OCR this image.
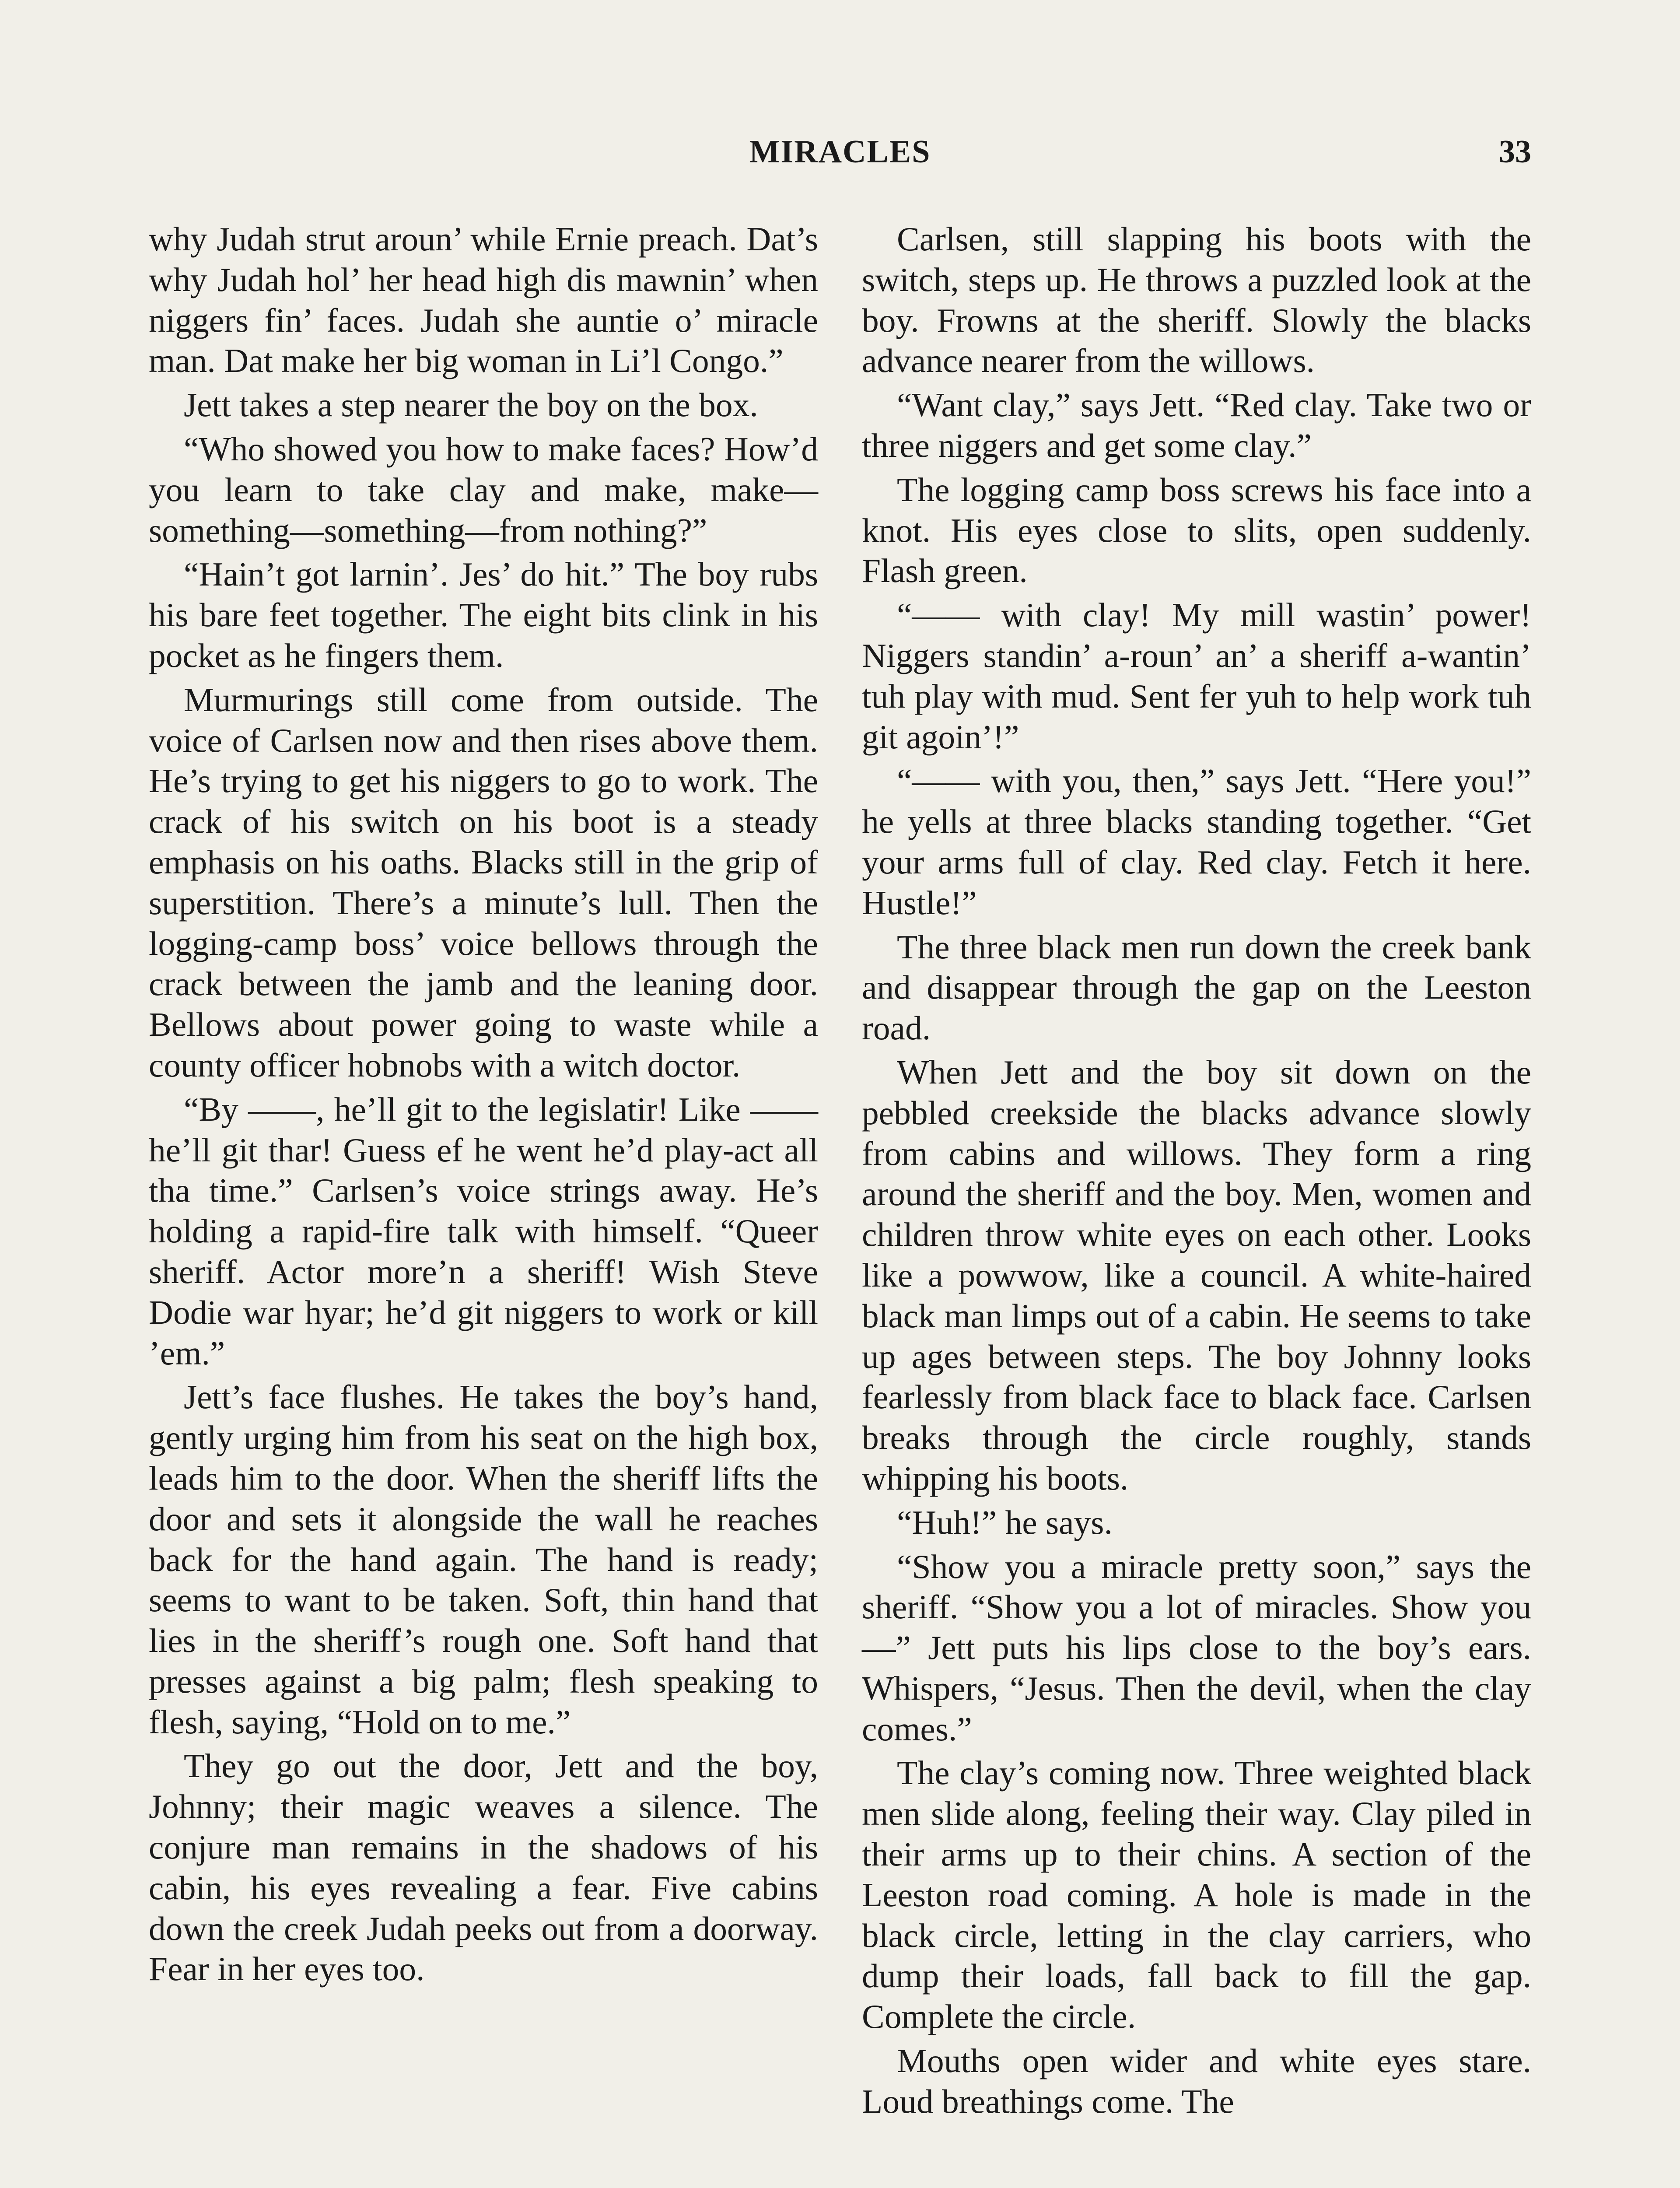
MIRACLES	33

why Judah strut aroun’ while Ernie preach. Dat’s why Judah hol’ her head high dis mawnin’ when niggers fin’ faces. Judah she auntie o’ miracle man. Dat make her big woman in Li’l Congo.”

Jett takes a step nearer the boy on the box.

“Who showed you how to make faces? How’d you learn to take clay and make, make—something—something—from nothing?”

“Hain’t got larnin’. Jes’ do hit.” The boy rubs his bare feet together. The eight bits clink in his pocket as he fingers them.

Murmurings still come from outside. The voice of Carlsen now and then rises above them. He’s trying to get his niggers to go to work. The crack of his switch on his boot is a steady emphasis on his oaths. Blacks still in the grip of superstition. There’s a minute’s lull. Then the logging-camp boss’ voice bellows through the crack between the jamb and the leaning door. Bellows about power going to waste while a county officer hobnobs with a witch doctor.

“By ——, he’ll git to the legislatir! Like —— he’ll git thar! Guess ef he went he’d play-act all tha time.” Carlsen’s voice strings away. He’s holding a rapid-fire talk with himself. “Queer sheriff. Actor more’n a sheriff! Wish Steve Dodie war hyar; he’d git niggers to work or kill ’em.”

Jett’s face flushes. He takes the boy’s hand, gently urging him from his seat on the high box, leads him to the door. When the sheriff lifts the door and sets it alongside the wall he reaches back for the hand again. The hand is ready; seems to want to be taken. Soft, thin hand that lies in the sheriff’s rough one. Soft hand that presses against a big palm; flesh speaking to flesh, saying, “Hold on to me.”

They go out the door, Jett and the boy, Johnny; their magic weaves a silence. The conjure man remains in the shadows of his cabin, his eyes revealing a fear. Five cabins down the creek Judah peeks out from a doorway. Fear in her eyes too.

Carlsen, still slapping his boots with the switch, steps up. He throws a puzzled look at the boy. Frowns at the sheriff. Slowly the blacks advance nearer from the willows.

“Want clay,” says Jett. “Red clay. Take two or three niggers and get some clay.”

The logging camp boss screws his face into a knot. His eyes close to slits, open suddenly. Flash green.

“—— with clay! My mill wastin’ power! Niggers standin’ a-roun’ an’ a sheriff a-wantin’ tuh play with mud. Sent fer yuh to help work tuh git agoin’!”

“—— with you, then,” says Jett. “Here you!” he yells at three blacks standing together. “Get your arms full of clay. Red clay. Fetch it here. Hustle!”

The three black men run down the creek bank and disappear through the gap on the Leeston road.

When Jett and the boy sit down on the pebbled creekside the blacks advance slowly from cabins and willows. They form a ring around the sheriff and the boy. Men, women and children throw white eyes on each other. Looks like a powwow, like a council. A white-haired black man limps out of a cabin. He seems to take up ages between steps. The boy Johnny looks fearlessly from black face to black face. Carlsen breaks through the circle roughly, stands whipping his boots.

“Huh!” he says.

“Show you a miracle pretty soon,” says the sheriff. “Show you a lot of miracles. Show you—” Jett puts his lips close to the boy’s ears. Whispers, “Jesus. Then the devil, when the clay comes.”

The clay’s coming now. Three weighted black men slide along, feeling their way. Clay piled in their arms up to their chins. A section of the Leeston road coming. A hole is made in the black circle, letting in the clay carriers, who dump their loads, fall back to fill the gap. Complete the circle.

Mouths open wider and white eyes stare. Loud breathings come. The
